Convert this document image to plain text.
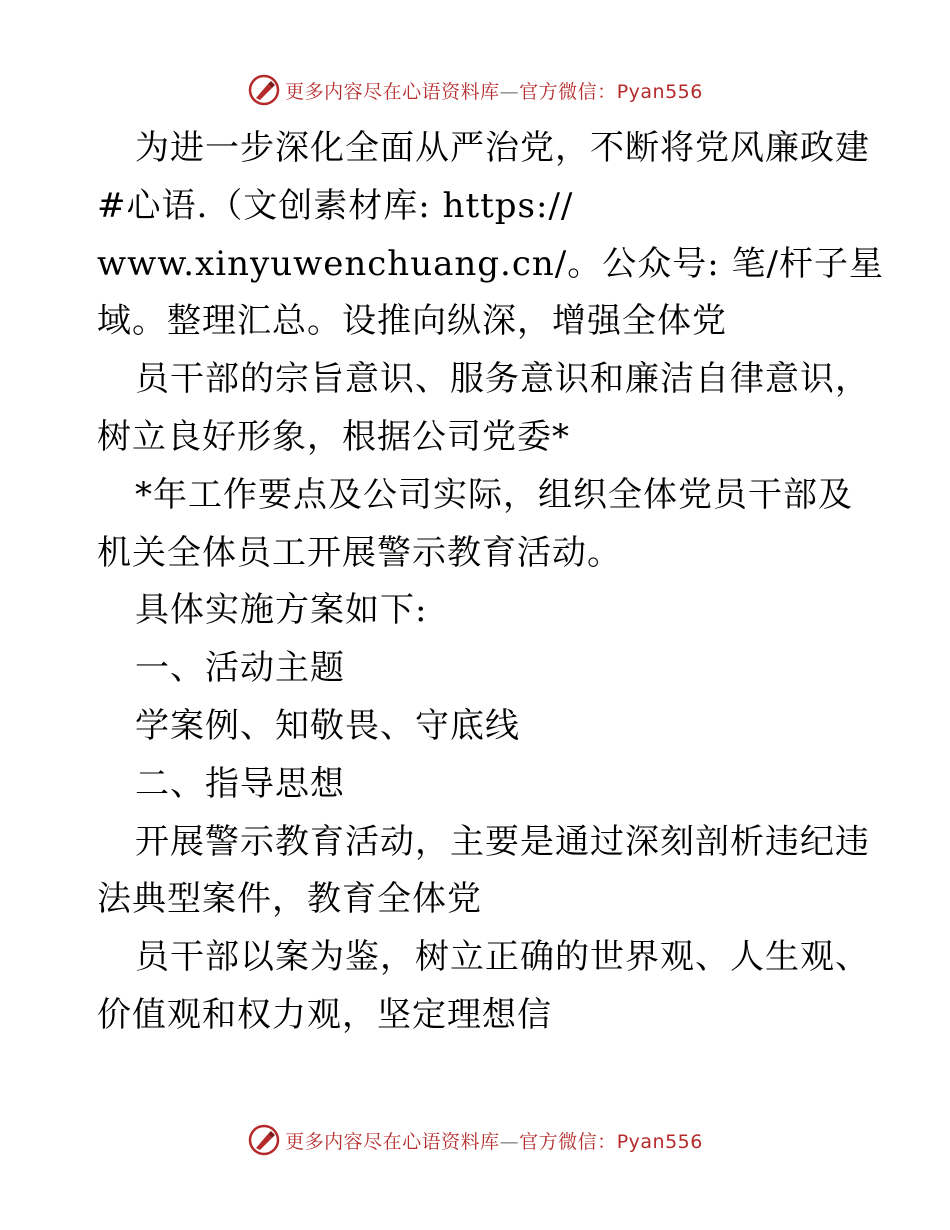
更多内容尽在心语资料库—官方微信：Pyan556
为进一步深化全面从严治党，不断将党风廉政建
#心语.（文创素材库: https://
www.xinyuwenchuang.cn/。公众号: 笔/杆子星
域。整理汇总。设推向纵深，增强全体党
员干部的宗旨意识、服务意识和廉洁自律意识，
树立良好形象，根据公司党委*
*年工作要点及公司实际，组织全体党员干部及
机关全体员工开展警示教育活动。
具体实施方案如下:
一、活动主题
学案例、知敬畏、守底线
二、指导思想
开展警示教育活动，主要是通过深刻剖析违纪违
法典型案件，教育全体党
员干部以案为鉴，树立正确的世界观、人生观、
价值观和权力观，坚定理想信
更多内容尽在心语资料库—官方微信：Pyan556
